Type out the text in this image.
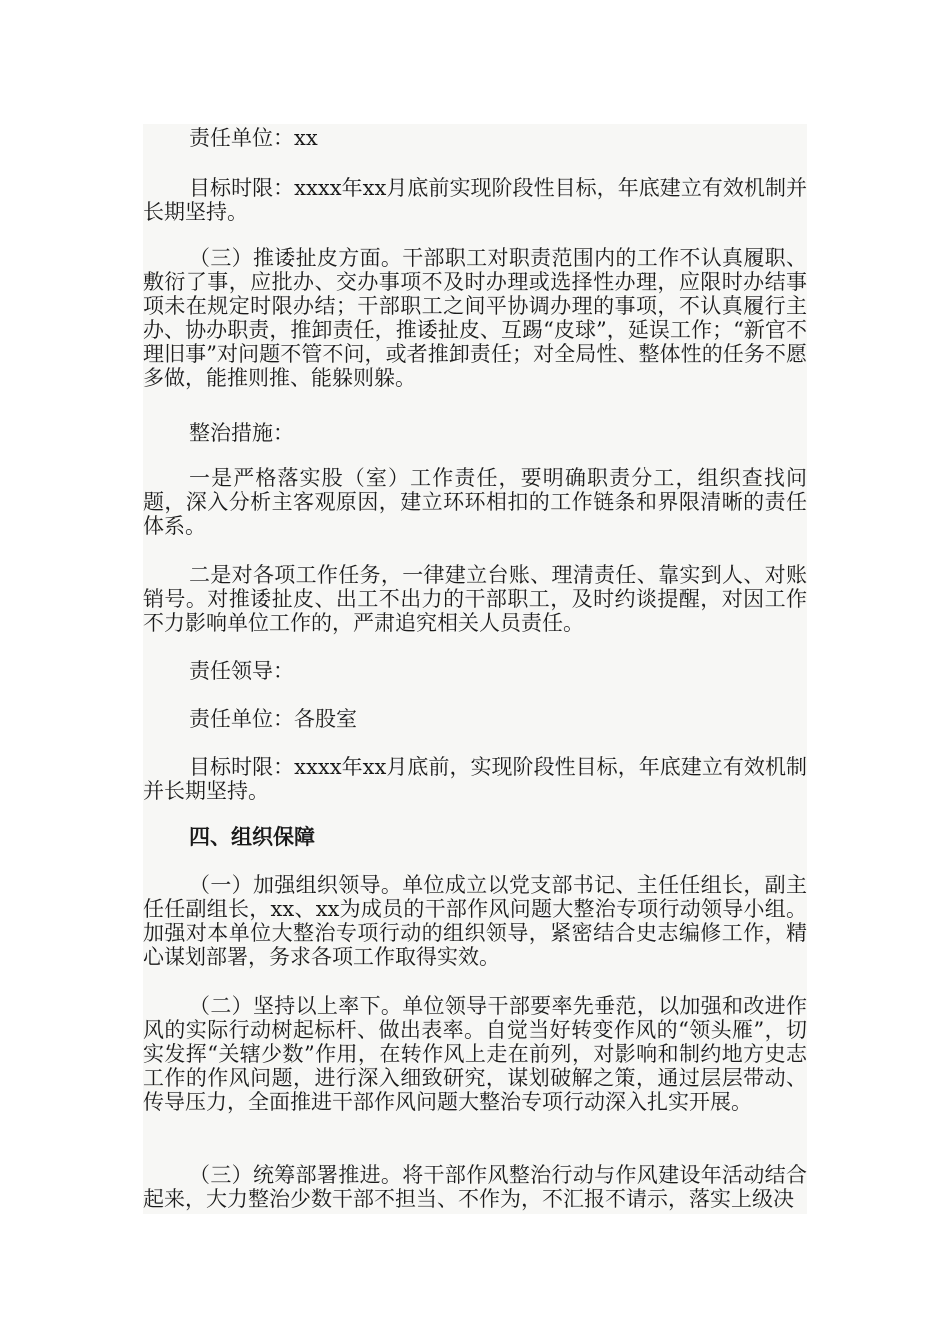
责任单位：xx

目标时限：xxxx年xx月底前实现阶段性目标，年底建立有效机制并长期坚持。

（三）推诿扯皮方面。干部职工对职责范围内的工作不认真履职、敷衍了事，应批办、交办事项不及时办理或选择性办理，应限时办结事项未在规定时限办结；干部职工之间平协调办理的事项，不认真履行主办、协办职责，推卸责任，推诿扯皮、互踢“皮球”，延误工作；“新官不理旧事”对问题不管不问，或者推卸责任；对全局性、整体性的任务不愿多做，能推则推、能躲则躲。

整治措施：

一是严格落实股（室）工作责任，要明确职责分工，组织查找问题，深入分析主客观原因，建立环环相扣的工作链条和界限清晰的责任体系。

二是对各项工作任务，一律建立台账、理清责任、靠实到人、对账销号。对推诿扯皮、出工不出力的干部职工，及时约谈提醒，对因工作不力影响单位工作的，严肃追究相关人员责任。

责任领导：

责任单位：各股室

目标时限：xxxx年xx月底前，实现阶段性目标，年底建立有效机制并长期坚持。

四、组织保障

（一）加强组织领导。单位成立以党支部书记、主任任组长，副主任任副组长，xx、xx为成员的干部作风问题大整治专项行动领导小组。加强对本单位大整治专项行动的组织领导，紧密结合史志编修工作，精心谋划部署，务求各项工作取得实效。

（二）坚持以上率下。单位领导干部要率先垂范，以加强和改进作风的实际行动树起标杆、做出表率。自觉当好转变作风的“领头雁”，切实发挥“关辖少数”作用，在转作风上走在前列，对影响和制约地方史志工作的作风问题，进行深入细致研究，谋划破解之策，通过层层带动、传导压力，全面推进干部作风问题大整治专项行动深入扎实开展。

（三）统筹部署推进。将干部作风整治行动与作风建设年活动结合起来，大力整治少数干部不担当、不作为，不汇报不请示，落实上级决
